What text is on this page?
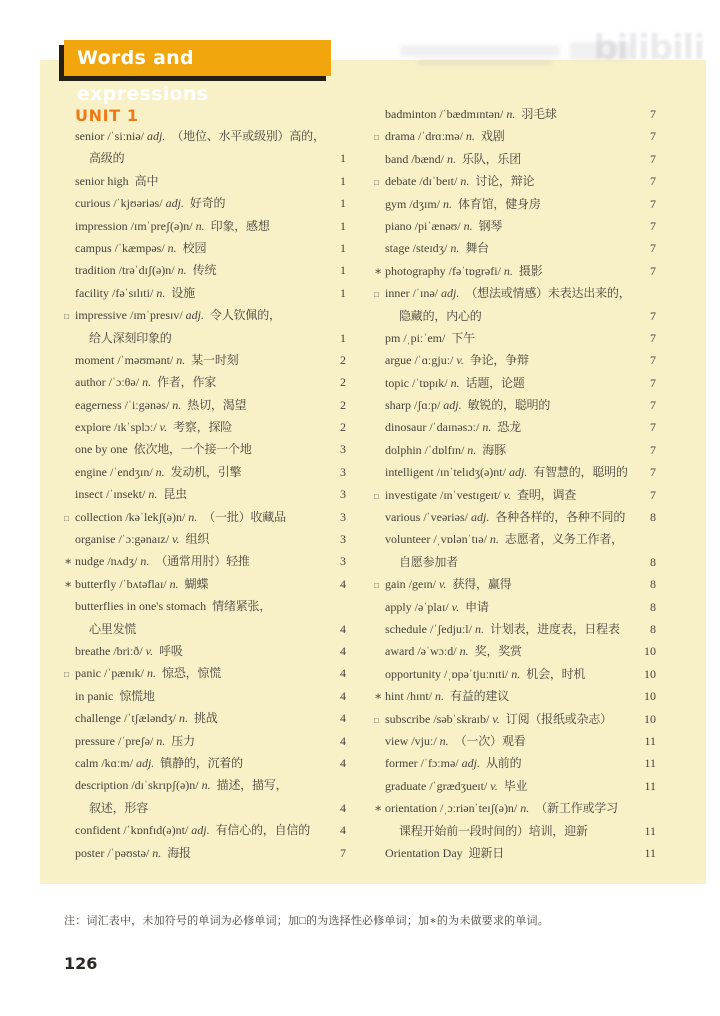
bilibili
Words and expressions
UNIT 1
senior /ˈsiːniə/ adj.  （地位、水平或级别）高的，
高级的	1
senior high  高中	1
curious /ˈkjʊəriəs/ adj.  好奇的	1
impression /ɪmˈpreʃ(ə)n/ n.  印象，感想	1
campus /ˈkæmpəs/ n.  校园	1
tradition /trəˈdɪʃ(ə)n/ n.  传统	1
facility /fəˈsɪlɪti/ n.  设施	1
□ impressive /ɪmˈpresɪv/ adj.  令人钦佩的，
给人深刻印象的	1
moment /ˈməʊmənt/ n.  某一时刻	2
author /ˈɔːθə/ n.  作者，作家	2
eagerness /ˈiːgənəs/ n.  热切，渴望	2
explore /ɪkˈsplɔː/ v.  考察，探险	2
one by one  依次地，一个接一个地	3
engine /ˈendʒɪn/ n.  发动机，引擎	3
insect /ˈɪnsekt/ n.  昆虫	3
□ collection /kəˈlekʃ(ə)n/ n.  （一批）收藏品	3
organise /ˈɔːgənaɪz/ v.  组织	3
∗ nudge /nʌdʒ/ n.  （通常用肘）轻推	3
∗ butterfly /ˈbʌtəflaɪ/ n.  蝴蝶	4
butterflies in one's stomach  情绪紧张，
心里发慌	4
breathe /briːð/ v.  呼吸	4
□ panic /ˈpænɪk/ n.  惊恐，惊慌	4
in panic  惊慌地	4
challenge /ˈtʃæləndʒ/ n.  挑战	4
pressure /ˈpreʃə/ n.  压力	4
calm /kɑːm/ adj.  镇静的，沉着的	4
description /dɪˈskrɪpʃ(ə)n/ n.  描述，描写，
叙述，形容	4
confident /ˈkɒnfɪd(ə)nt/ adj.  有信心的，自信的	4
poster /ˈpəʊstə/ n.  海报	7
badminton /ˈbædmɪntən/ n.  羽毛球	7
□ drama /ˈdrɑːmə/ n.  戏剧	7
band /bænd/ n.  乐队，乐团	7
□ debate /dɪˈbeɪt/ n.  讨论，辩论	7
gym /dʒɪm/ n.  体育馆，健身房	7
piano /piˈænəʊ/ n.  钢琴	7
stage /steɪdʒ/ n.  舞台	7
∗ photography /fəˈtɒgrəfi/ n.  摄影	7
□ inner /ˈɪnə/ adj.  （想法或情感）未表达出来的，
隐藏的，内心的	7
pm /ˌpiːˈem/  下午	7
argue /ˈɑːgjuː/ v.  争论，争辩	7
topic /ˈtɒpɪk/ n.  话题，论题	7
sharp /ʃɑːp/ adj.  敏锐的，聪明的	7
dinosaur /ˈdaɪnəsɔː/ n.  恐龙	7
dolphin /ˈdɒlfɪn/ n.  海豚	7
intelligent /ɪnˈtelɪdʒ(ə)nt/ adj.  有智慧的，聪明的	7
□ investigate /ɪnˈvestɪgeɪt/ v.  查明，调查	7
various /ˈveəriəs/ adj.  各种各样的，各种不同的	8
volunteer /ˌvɒlənˈtɪə/ n.  志愿者，义务工作者，
自愿参加者	8
□ gain /geɪn/ v.  获得，赢得	8
apply /əˈplaɪ/ v.  申请	8
schedule /ˈʃedjuːl/ n.  计划表，进度表，日程表	8
award /əˈwɔːd/ n.  奖，奖赏	10
opportunity /ˌɒpəˈtjuːnɪti/ n.  机会，时机	10
∗ hint /hɪnt/ n.  有益的建议	10
□ subscribe /səbˈskraɪb/ v.  订阅（报纸或杂志）	10
view /vjuː/ n.  （一次）观看	11
former /ˈfɔːmə/ adj.  从前的	11
graduate /ˈgrædʒueɪt/ v.  毕业	11
∗ orientation /ˌɔːriənˈteɪʃ(ə)n/ n.  （新工作或学习
课程开始前一段时间的）培训，迎新	11
Orientation Day  迎新日	11
注：词汇表中，未加符号的单词为必修单词；加□的为选择性必修单词；加∗的为未做要求的单词。
126
